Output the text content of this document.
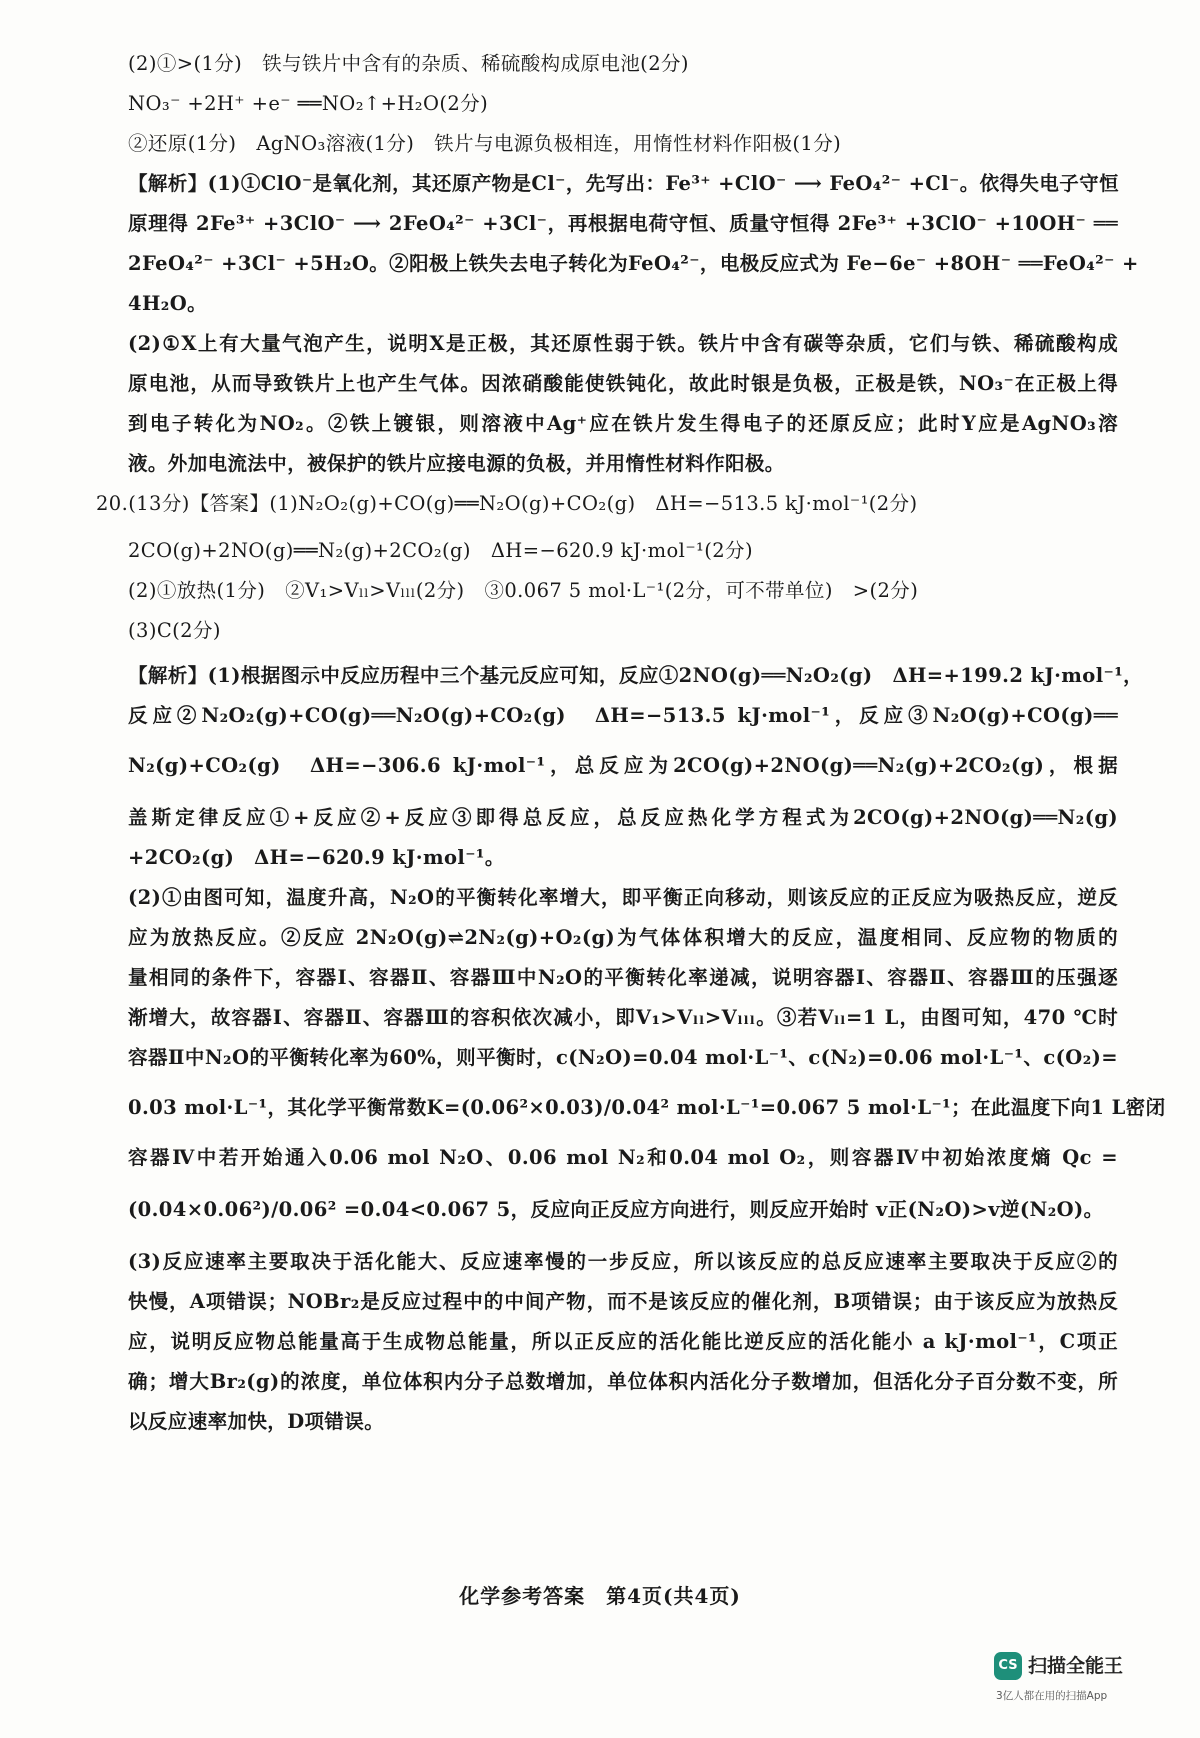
(2)①>(1分)　铁与铁片中含有的杂质、稀硫酸构成原电池(2分)
NO₃⁻ +2H⁺ +e⁻ ══NO₂↑+H₂O(2分)
②还原(1分)　AgNO₃溶液(1分)　铁片与电源负极相连，用惰性材料作阳极(1分)
【解析】(1)①ClO⁻是氧化剂，其还原产物是Cl⁻，先写出：Fe³⁺ +ClO⁻ ⟶ FeO₄²⁻ +Cl⁻。依得失电子守恒
原理得 2Fe³⁺ +3ClO⁻ ⟶ 2FeO₄²⁻ +3Cl⁻，再根据电荷守恒、质量守恒得 2Fe³⁺ +3ClO⁻ +10OH⁻ ══
2FeO₄²⁻ +3Cl⁻ +5H₂O。②阳极上铁失去电子转化为FeO₄²⁻，电极反应式为 Fe−6e⁻ +8OH⁻ ══FeO₄²⁻ +
4H₂O。
(2)①X上有大量气泡产生，说明X是正极，其还原性弱于铁。铁片中含有碳等杂质，它们与铁、稀硫酸构成
原电池，从而导致铁片上也产生气体。因浓硝酸能使铁钝化，故此时银是负极，正极是铁，NO₃⁻在正极上得
到电子转化为NO₂。②铁上镀银，则溶液中Ag⁺应在铁片发生得电子的还原反应；此时Y应是AgNO₃溶
液。外加电流法中，被保护的铁片应接电源的负极，并用惰性材料作阳极。
20.(13分)【答案】(1)N₂O₂(g)+CO(g)══N₂O(g)+CO₂(g)　ΔH=−513.5 kJ·mol⁻¹(2分)
2CO(g)+2NO(g)══N₂(g)+2CO₂(g)　ΔH=−620.9 kJ·mol⁻¹(2分)
(2)①放热(1分)　②V₁>Vₗₗ>Vₗₗₗ(2分)　③0.067 5 mol·L⁻¹(2分，可不带单位)　>(2分)
(3)C(2分)
【解析】(1)根据图示中反应历程中三个基元反应可知，反应①2NO(g)══N₂O₂(g)　ΔH=+199.2 kJ·mol⁻¹，
反应②N₂O₂(g)+CO(g)══N₂O(g)+CO₂(g)　ΔH=−513.5 kJ·mol⁻¹，反应③N₂O(g)+CO(g)══
N₂(g)+CO₂(g)　ΔH=−306.6 kJ·mol⁻¹，总反应为2CO(g)+2NO(g)══N₂(g)+2CO₂(g)，根据
盖斯定律反应①+反应②+反应③即得总反应，总反应热化学方程式为2CO(g)+2NO(g)══N₂(g)
+2CO₂(g)　ΔH=−620.9 kJ·mol⁻¹。
(2)①由图可知，温度升高，N₂O的平衡转化率增大，即平衡正向移动，则该反应的正反应为吸热反应，逆反
应为放热反应。②反应 2N₂O(g)⇌2N₂(g)+O₂(g)为气体体积增大的反应，温度相同、反应物的物质的
量相同的条件下，容器Ⅰ、容器Ⅱ、容器Ⅲ中N₂O的平衡转化率递减，说明容器Ⅰ、容器Ⅱ、容器Ⅲ的压强逐
渐增大，故容器Ⅰ、容器Ⅱ、容器Ⅲ的容积依次减小，即V₁>Vₗₗ>Vₗₗₗ。③若Vₗₗ=1 L，由图可知，470 ℃时
容器Ⅱ中N₂O的平衡转化率为60%，则平衡时，c(N₂O)=0.04 mol·L⁻¹、c(N₂)=0.06 mol·L⁻¹、c(O₂)=
0.03 mol·L⁻¹，其化学平衡常数K=(0.06²×0.03)/0.04² mol·L⁻¹=0.067 5 mol·L⁻¹；在此温度下向1 L密闭
容器Ⅳ中若开始通入0.06 mol N₂O、0.06 mol N₂和0.04 mol O₂，则容器Ⅳ中初始浓度熵 Qc =
(0.04×0.06²)/0.06² =0.04<0.067 5，反应向正反应方向进行，则反应开始时 v正(N₂O)>v逆(N₂O)。
(3)反应速率主要取决于活化能大、反应速率慢的一步反应，所以该反应的总反应速率主要取决于反应②的
快慢，A项错误；NOBr₂是反应过程中的中间产物，而不是该反应的催化剂，B项错误；由于该反应为放热反
应，说明反应物总能量高于生成物总能量，所以正反应的活化能比逆反应的活化能小 a kJ·mol⁻¹，C项正
确；增大Br₂(g)的浓度，单位体积内分子总数增加，单位体积内活化分子数增加，但活化分子百分数不变，所
以反应速率加快，D项错误。
化学参考答案　第4页(共4页)
CS 扫描全能王
3亿人都在用的扫描App
